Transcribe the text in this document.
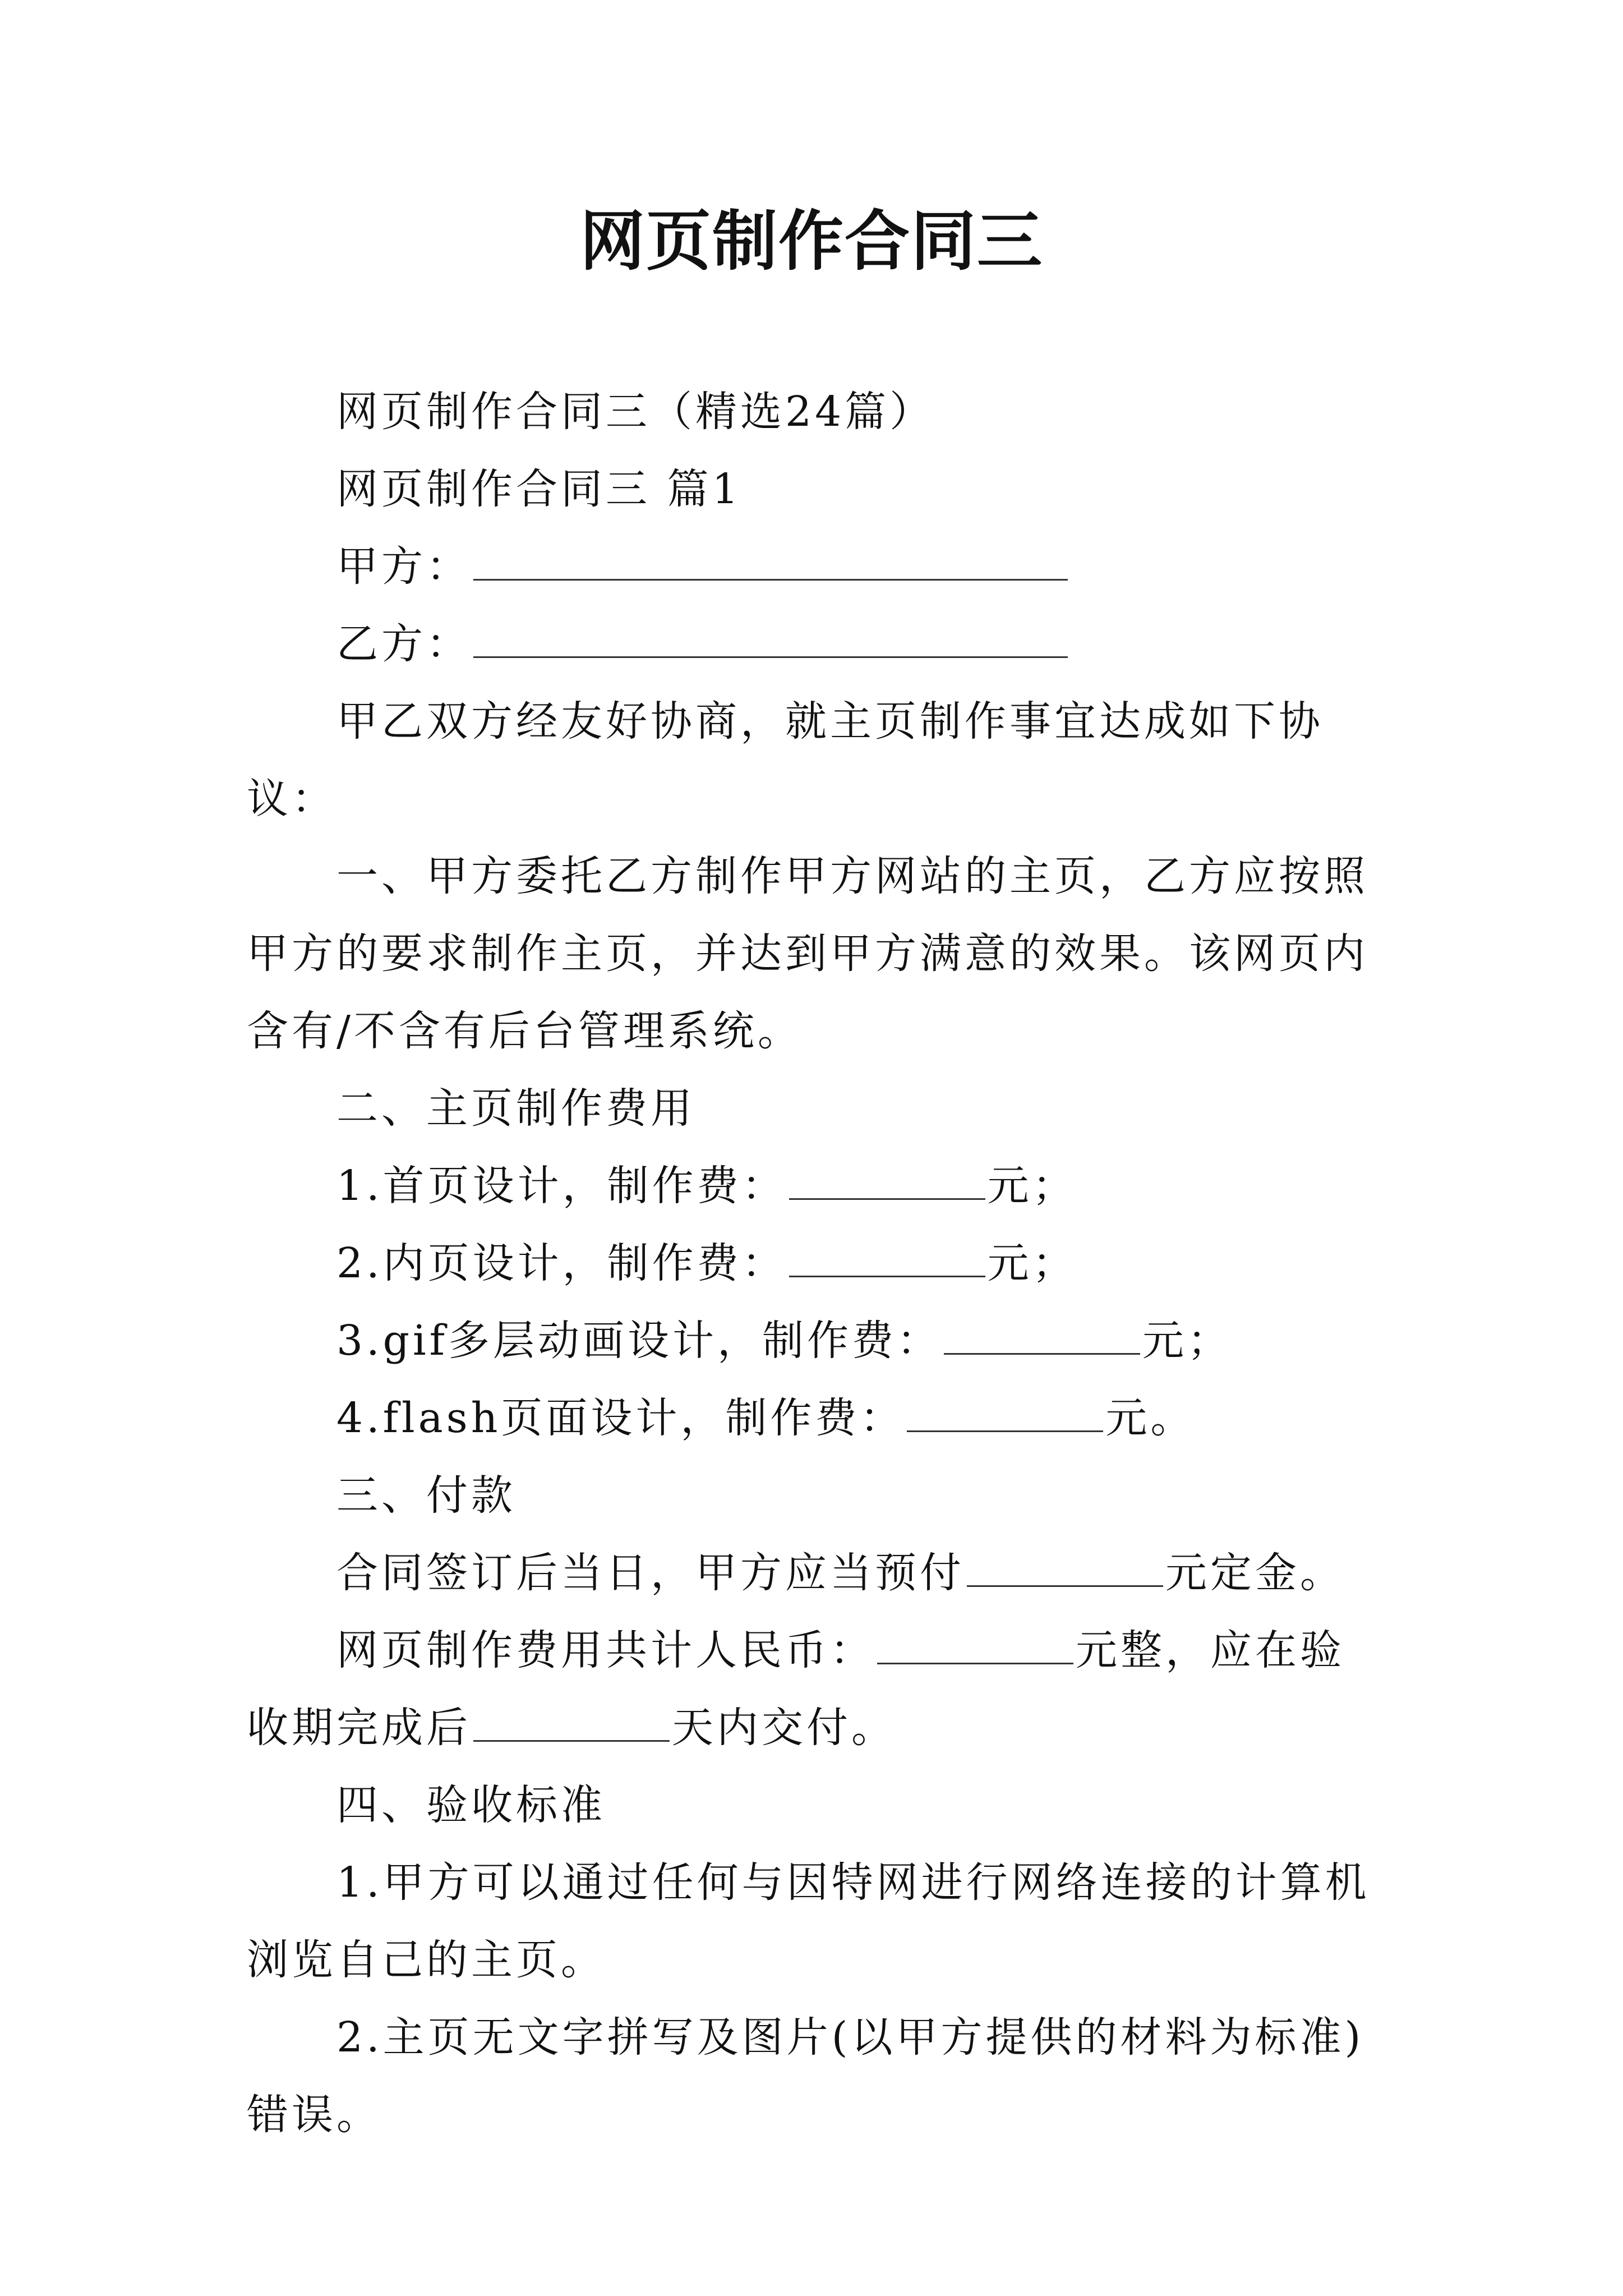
网页制作合同三

网页制作合同三（精选24篇）

网页制作合同三 篇1

甲方：

乙方：

甲乙双方经友好协商，就主页制作事宜达成如下协议：

一、甲方委托乙方制作甲方网站的主页，乙方应按照甲方的要求制作主页，并达到甲方满意的效果。该网页内含有/不含有后台管理系统。

二、主页制作费用

1.首页设计，制作费：	元；

2.内页设计，制作费：	元；

3.gif多层动画设计，制作费：	元；

4.flash页面设计，制作费：	元。

三、付款

合同签订后当日，甲方应当预付	元定金。

网页制作费用共计人民币：	元整，应在验收期完成后	天内交付。

四、验收标准

1.甲方可以通过任何与因特网进行网络连接的计算机浏览自己的主页。

2.主页无文字拼写及图片(以甲方提供的材料为标准)错误。
